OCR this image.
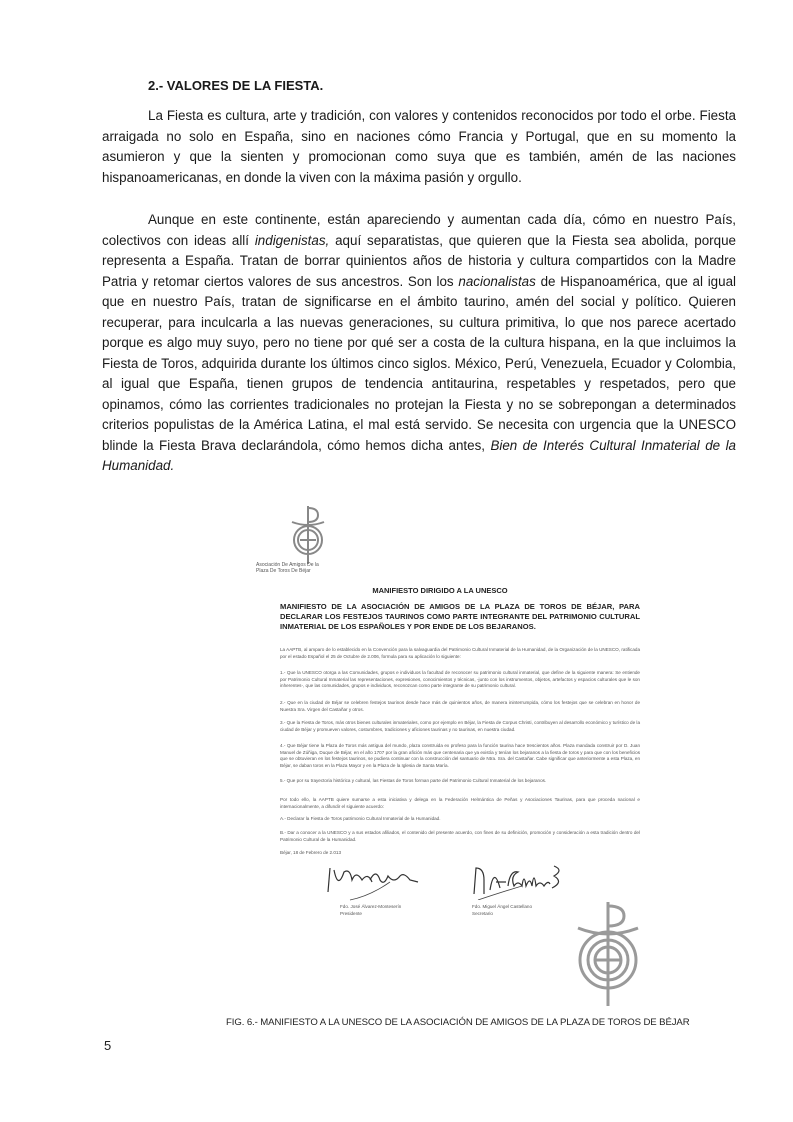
2.- VALORES DE LA FIESTA.

La Fiesta es cultura, arte y tradición, con valores y contenidos reconocidos por todo el orbe. Fiesta arraigada no solo en España, sino en naciones cómo Francia y Portugal, que en su momento la asumieron y que la sienten y promocionan como suya que es también, amén de las naciones hispanoamericanas, en donde la viven con la máxima pasión y orgullo.

Aunque en este continente, están apareciendo y aumentan cada día, cómo en nuestro País, colectivos con ideas allí indigenistas, aquí separatistas, que quieren que la Fiesta sea abolida, porque representa a España. Tratan de borrar quinientos años de historia y cultura compartidos con la Madre Patria y retomar ciertos valores de sus ancestros. Son los nacionalistas de Hispanoamérica, que al igual que en nuestro País, tratan de significarse en el ámbito taurino, amén del social y político. Quieren recuperar, para inculcarla a las nuevas generaciones, su cultura primitiva, lo que nos parece acertado porque es algo muy suyo, pero no tiene por qué ser a costa de la cultura hispana, en la que incluimos la Fiesta de Toros, adquirida durante los últimos cinco siglos. México, Perú, Venezuela, Ecuador y Colombia, al igual que España, tienen grupos de tendencia antitaurina, respetables y respetados, pero que opinamos, cómo las corrientes tradicionales no protejan la Fiesta y no se sobrepongan a determinados criterios populistas de la América Latina, el mal está servido. Se necesita con urgencia que la UNESCO blinde la Fiesta Brava declarándola, cómo hemos dicha antes, Bien de Interés Cultural Inmaterial de la Humanidad.

Asociación De Amigos De la
Plaza De Toros De Béjar
MANIFIESTO DIRIGIDO A LA UNESCO
MANIFIESTO DE LA ASOCIACIÓN DE AMIGOS DE LA PLAZA DE TOROS DE BÉJAR, PARA DECLARAR LOS FESTEJOS TAURINOS COMO PARTE INTEGRANTE DEL PATRIMONIO CULTURAL INMATERIAL DE LOS ESPAÑOLES Y POR ENDE DE LOS BEJARANOS.
La AAPTB, al amparo de lo establecido en la Convención para la salvaguardia del Patrimonio Cultural Inmaterial de la Humanidad, de la Organización de la UNESCO, ratificada por el estado Español el 25 de Octubre de 2.006, formula para su aplicación lo siguiente:
1.- Que la UNESCO otorga a las Comunidades, grupos e individuos la facultad de reconocer su patrimonio cultural inmaterial, que define de la siguiente manera: Se entiende por Patrimonio Cultural Inmaterial las representaciones, expresiones, conocimientos y técnicas, -junto con los instrumentos, objetos, artefactos y espacios culturales que le son inherentes-, que las comunidades, grupos e individuos, reconozcan como parte integrante de su patrimonio cultural.
2.- Que en la ciudad de Béjar se celebren festejos taurinos desde hace más de quinientos años, de manera ininterrumpida, cómo los festejos que se celebran en honor de Nuestra Sra. Virgen del Castañar y otros.
3.- Que la Fiesta de Toros, más otros bienes culturales inmateriales, como por ejemplo en Béjar, la Fiesta de Corpus Christi, contribuyen al desarrollo económico y turístico de la ciudad de Béjar y promueven valores, costumbres, tradiciones y aficiones taurinas y no taurinas, en nuestra ciudad.
4.- Que Béjar tiene la Plaza de Toros más antigua del mundo, plaza construida ex profeso para la función taurina hace trescientos años. Plaza mandada construir por D. Juan Manuel de Zúñiga, Duque de Béjar, en el año 1707 por la gran afición más que centenaria que ya existía y tenían los bejaranos a la fiesta de toros y para que con los beneficios que se obtuvieran en los festejos taurinos, se pudiera continuar con la construcción del santuario de Ntra. Sra. del Castañar. Cabe significar que anteriormente a esta Plaza, en Béjar, se daban toros en la Plaza Mayor y en la Plaza de la Iglesia de Santa María.
5.- Que por su trayectoria histórica y cultural, las Fiestas de Toros forman parte del Patrimonio Cultural Inmaterial de los bejaranos.
Por todo ello, la AAPTB quiere sumarse a esta iniciativa y delega en la Federación Helmántica de Peñas y Asociaciones Taurinas, para que proceda nacional e internacionalmente, a difundir el siguiente acuerdo:
A.- Declarar la Fiesta de Toros patrimonio Cultural Inmaterial de la Humanidad.
B.- Dar a conocer a la UNESCO y a sus estados afiliados, el contenido del presente acuerdo, con fines de su definición, promoción y consideración a esta tradición dentro del Patrimonio Cultural de la Humanidad.
Béjar, 18 de Febrero de 2.013
Fdo. José Álvarez-Monteserín
Presidente
Fdo. Miguel Ángel Castellano
Secretario
FIG. 6.- MANIFIESTO A LA UNESCO DE LA ASOCIACIÓN DE AMIGOS DE LA PLAZA DE TOROS DE BÉJAR
5
